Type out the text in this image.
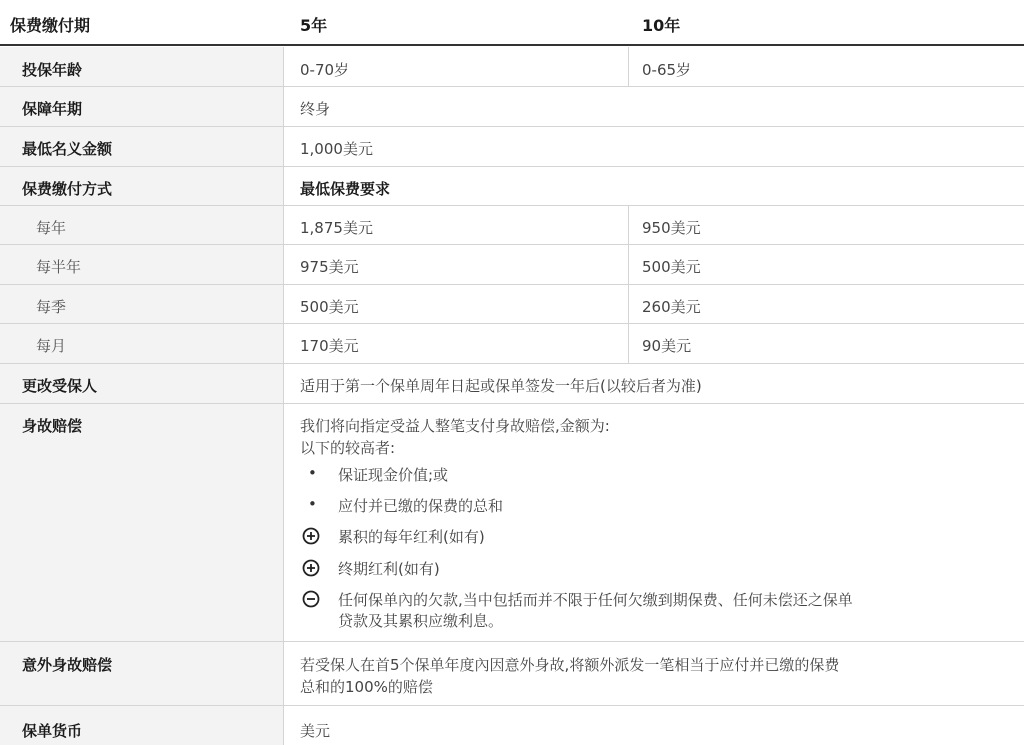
保费缴付期	5年	10年
投保年龄	0-70岁	0-65岁
保障年期	终身
最低名义金额	1,000美元
保费缴付方式	最低保费要求
每年	1,875美元	950美元
每半年	975美元	500美元
每季	500美元	260美元
每月	170美元	90美元
更改受保人	适用于第一个保单周年日起或保单签发一年后(以较后者为准)
身故赔偿	我们将向指定受益人整笔支付身故赔偿,金额为:
以下的较高者:
• 保证现金价值;或
• 应付并已缴的保费的总和
累积的每年红利(如有)
终期红利(如有)
任何保单內的欠款,当中包括而并不限于任何欠缴到期保费、任何未偿还之保单
贷款及其累积应缴利息。
意外身故赔偿	若受保人在首5个保单年度內因意外身故,将额外派发一笔相当于应付并已缴的保费
总和的100%的赔偿
保单货币	美元
